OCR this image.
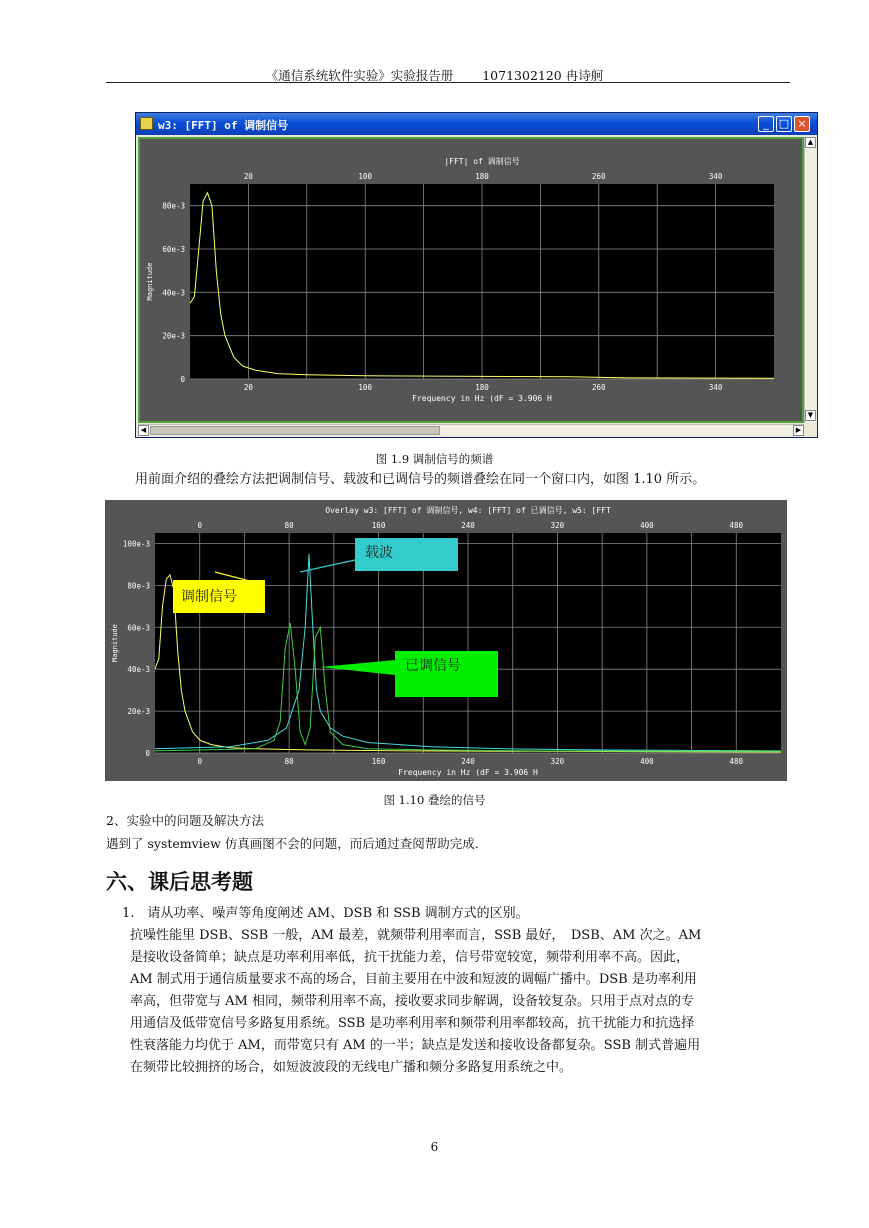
《通信系统软件实验》实验报告册 　　1071302120 冉诗舸
w3: [FFT] of 调制信号	_ □ ×
|FFT| of 调制信号
20	100	180	260	340
20	100	180	260	340
0
20e-3
40e-3
60e-3
80e-3
Frequency in Hz (dF = 3.906 H
Magnitude
▲
▼
◀	▶
图 1.9 调制信号的频谱
用前面介绍的叠绘方法把调制信号、载波和已调信号的频谱叠绘在同一个窗口内，如图 1.10 所示。
Overlay w3: [FFT] of 调制信号, w4: [FFT] of 已调信号, w5: [FFT
0	80	160	240	320	400	480
0	80	160	240	320	400	480
0
20e-3
40e-3
60e-3
80e-3
100e-3
Frequency in Hz (dF = 3.906 H
Magnitude
载波
调制信号
已调信号
图 1.10 叠绘的信号
2、实验中的问题及解决方法
遇到了 systemview 仿真画图不会的问题，而后通过查阅帮助完成.
六、课后思考题
1.　请从功率、噪声等角度阐述 AM、DSB 和 SSB 调制方式的区别。
抗噪性能里 DSB、SSB 一般，AM 最差，就频带利用率而言，SSB 最好，　DSB、AM 次之。AM
是接收设备简单；缺点是功率利用率低，抗干扰能力差，信号带宽较宽，频带利用率不高。因此，
AM 制式用于通信质量要求不高的场合，目前主要用在中波和短波的调幅广播中。DSB 是功率利用
率高，但带宽与 AM 相同，频带利用率不高，接收要求同步解调，设备较复杂。只用于点对点的专
用通信及低带宽信号多路复用系统。SSB 是功率利用率和频带利用率都较高，抗干扰能力和抗选择
性衰落能力均优于 AM，而带宽只有 AM 的一半；缺点是发送和接收设备都复杂。SSB 制式普遍用
在频带比较拥挤的场合，如短波波段的无线电广播和频分多路复用系统之中。
6
